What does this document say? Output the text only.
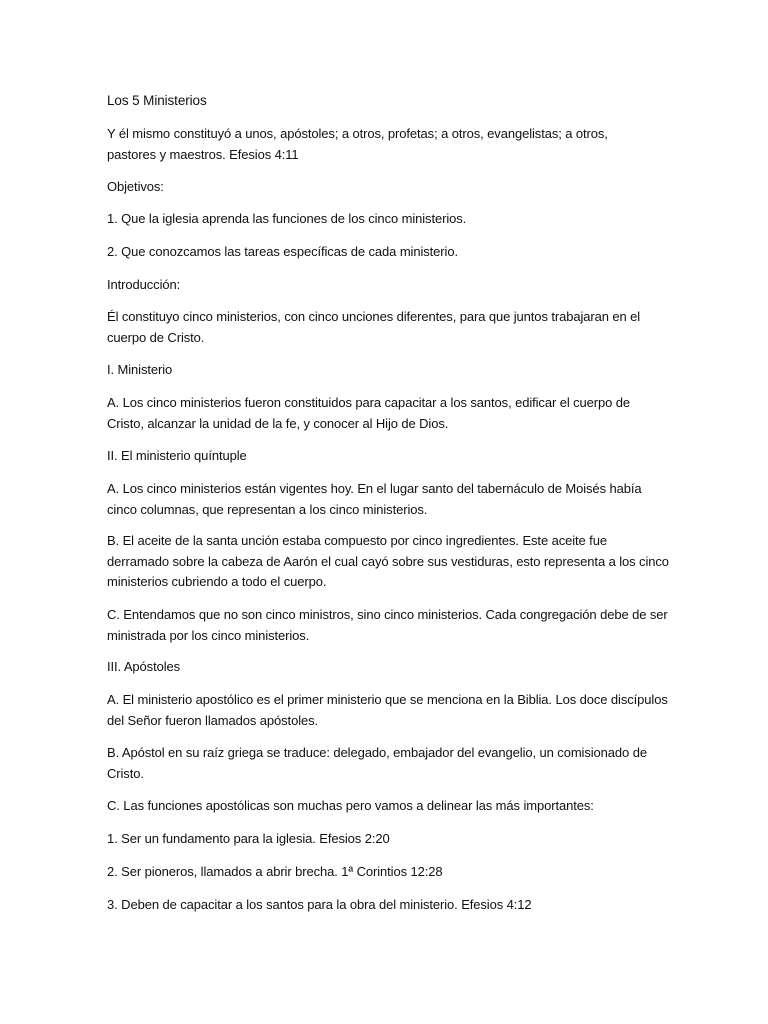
Los 5 Ministerios
Y él mismo constituyó a unos, apóstoles; a otros, profetas; a otros, evangelistas; a otros,
pastores y maestros. Efesios 4:11
Objetivos:
1. Que la iglesia aprenda las funciones de los cinco ministerios.
2. Que conozcamos las tareas específicas de cada ministerio.
Introducción:
Él constituyo cinco ministerios, con cinco unciones diferentes, para que juntos trabajaran en el
cuerpo de Cristo.
I. Ministerio
A. Los cinco ministerios fueron constituidos para capacitar a los santos, edificar el cuerpo de
Cristo, alcanzar la unidad de la fe, y conocer al Hijo de Dios.
II. El ministerio quíntuple
A. Los cinco ministerios están vigentes hoy. En el lugar santo del tabernáculo de Moisés había
cinco columnas, que representan a los cinco ministerios.
B. El aceite de la santa unción estaba compuesto por cinco ingredientes. Este aceite fue
derramado sobre la cabeza de Aarón el cual cayó sobre sus vestiduras, esto representa a los cinco
ministerios cubriendo a todo el cuerpo.
C. Entendamos que no son cinco ministros, sino cinco ministerios. Cada congregación debe de ser
ministrada por los cinco ministerios.
III. Apóstoles
A. El ministerio apostólico es el primer ministerio que se menciona en la Biblia. Los doce discípulos
del Señor fueron llamados apóstoles.
B. Apóstol en su raíz griega se traduce: delegado, embajador del evangelio, un comisionado de
Cristo.
C. Las funciones apostólicas son muchas pero vamos a delinear las más importantes:
1. Ser un fundamento para la iglesia. Efesios 2:20
2. Ser pioneros, llamados a abrir brecha. 1ª Corintios 12:28
3. Deben de capacitar a los santos para la obra del ministerio. Efesios 4:12
